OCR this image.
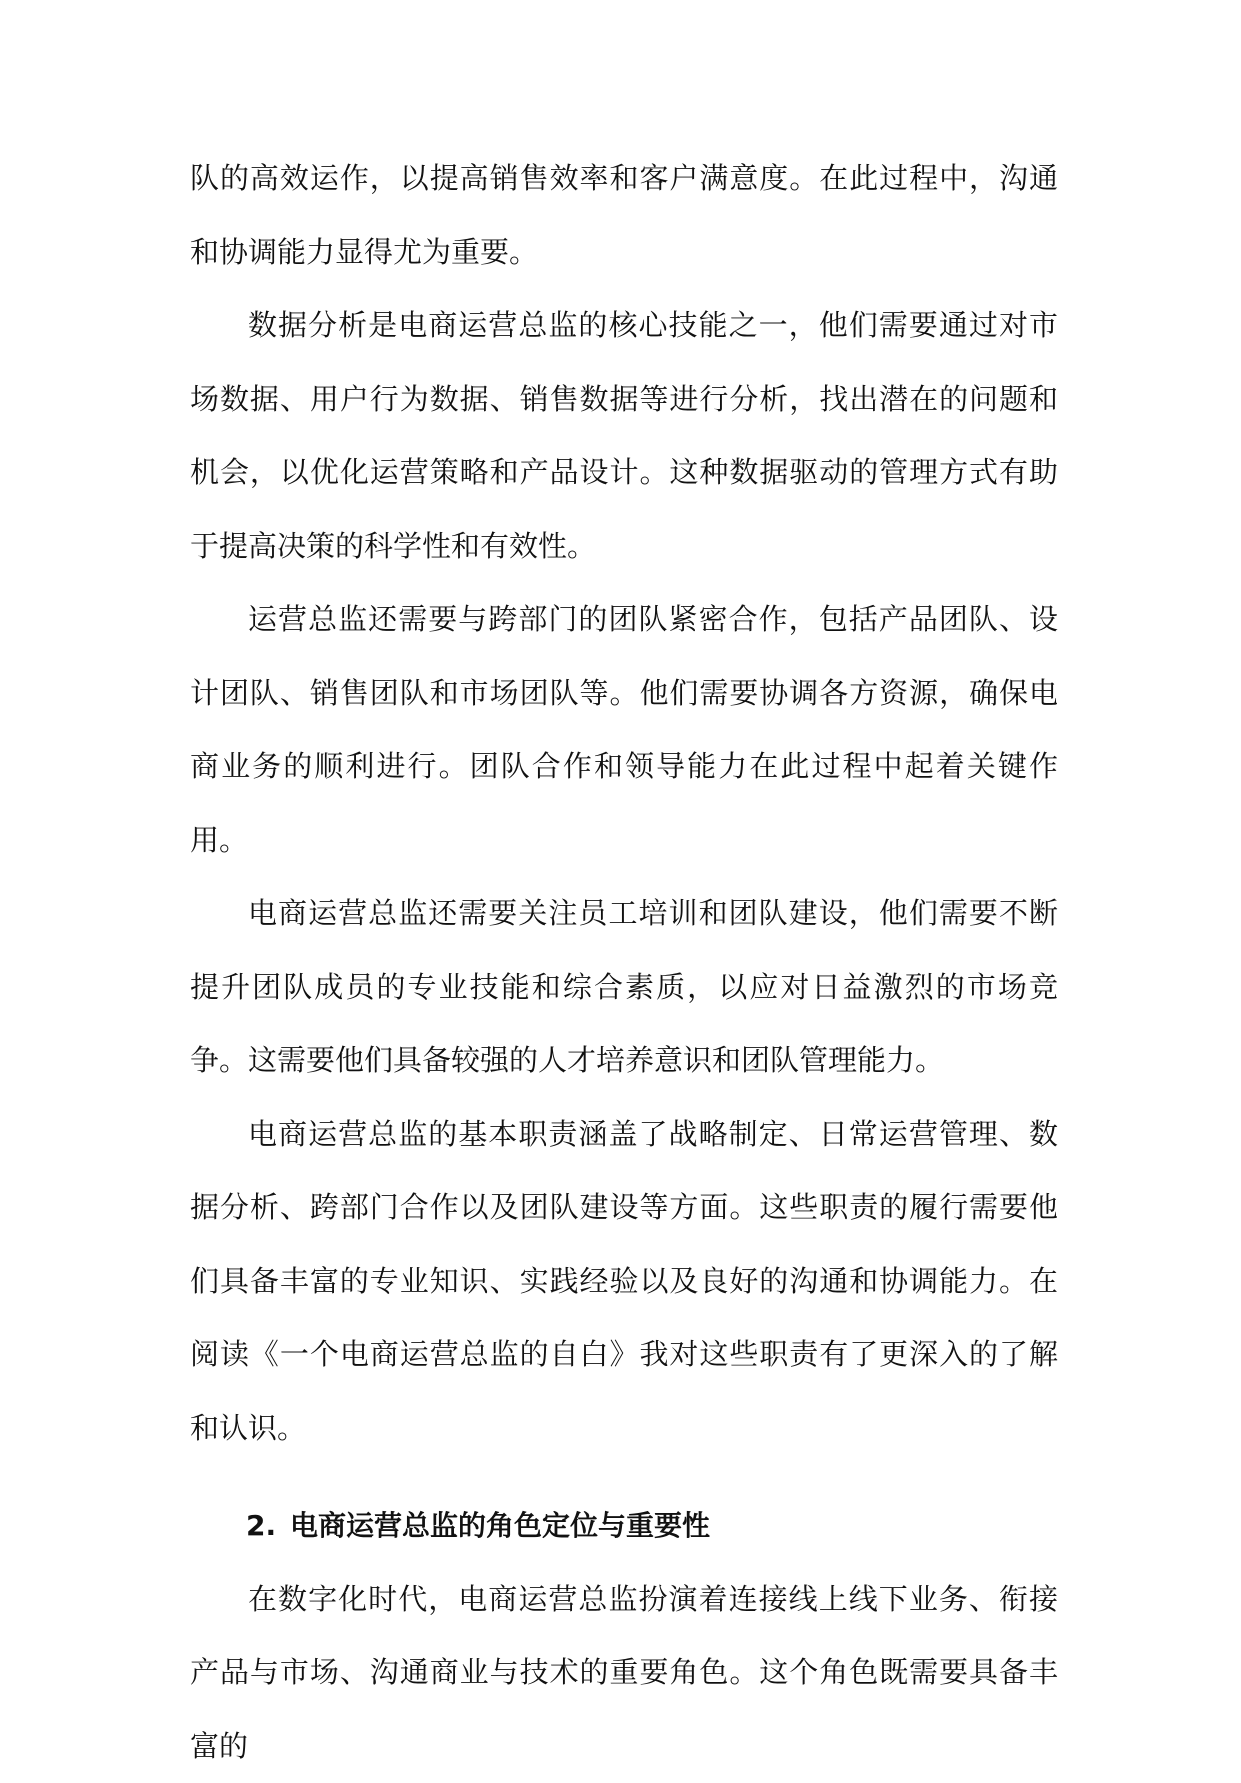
队的高效运作，以提高销售效率和客户满意度。在此过程中，沟通和协调能力显得尤为重要。

数据分析是电商运营总监的核心技能之一，他们需要通过对市场数据、用户行为数据、销售数据等进行分析，找出潜在的问题和机会，以优化运营策略和产品设计。这种数据驱动的管理方式有助于提高决策的科学性和有效性。

运营总监还需要与跨部门的团队紧密合作，包括产品团队、设计团队、销售团队和市场团队等。他们需要协调各方资源，确保电商业务的顺利进行。团队合作和领导能力在此过程中起着关键作用。

电商运营总监还需要关注员工培训和团队建设，他们需要不断提升团队成员的专业技能和综合素质，以应对日益激烈的市场竞争。这需要他们具备较强的人才培养意识和团队管理能力。

电商运营总监的基本职责涵盖了战略制定、日常运营管理、数据分析、跨部门合作以及团队建设等方面。这些职责的履行需要他们具备丰富的专业知识、实践经验以及良好的沟通和协调能力。在阅读《一个电商运营总监的自白》我对这些职责有了更深入的了解和认识。

2. 电商运营总监的角色定位与重要性

在数字化时代，电商运营总监扮演着连接线上线下业务、衔接产品与市场、沟通商业与技术的重要角色。这个角色既需要具备丰富的
